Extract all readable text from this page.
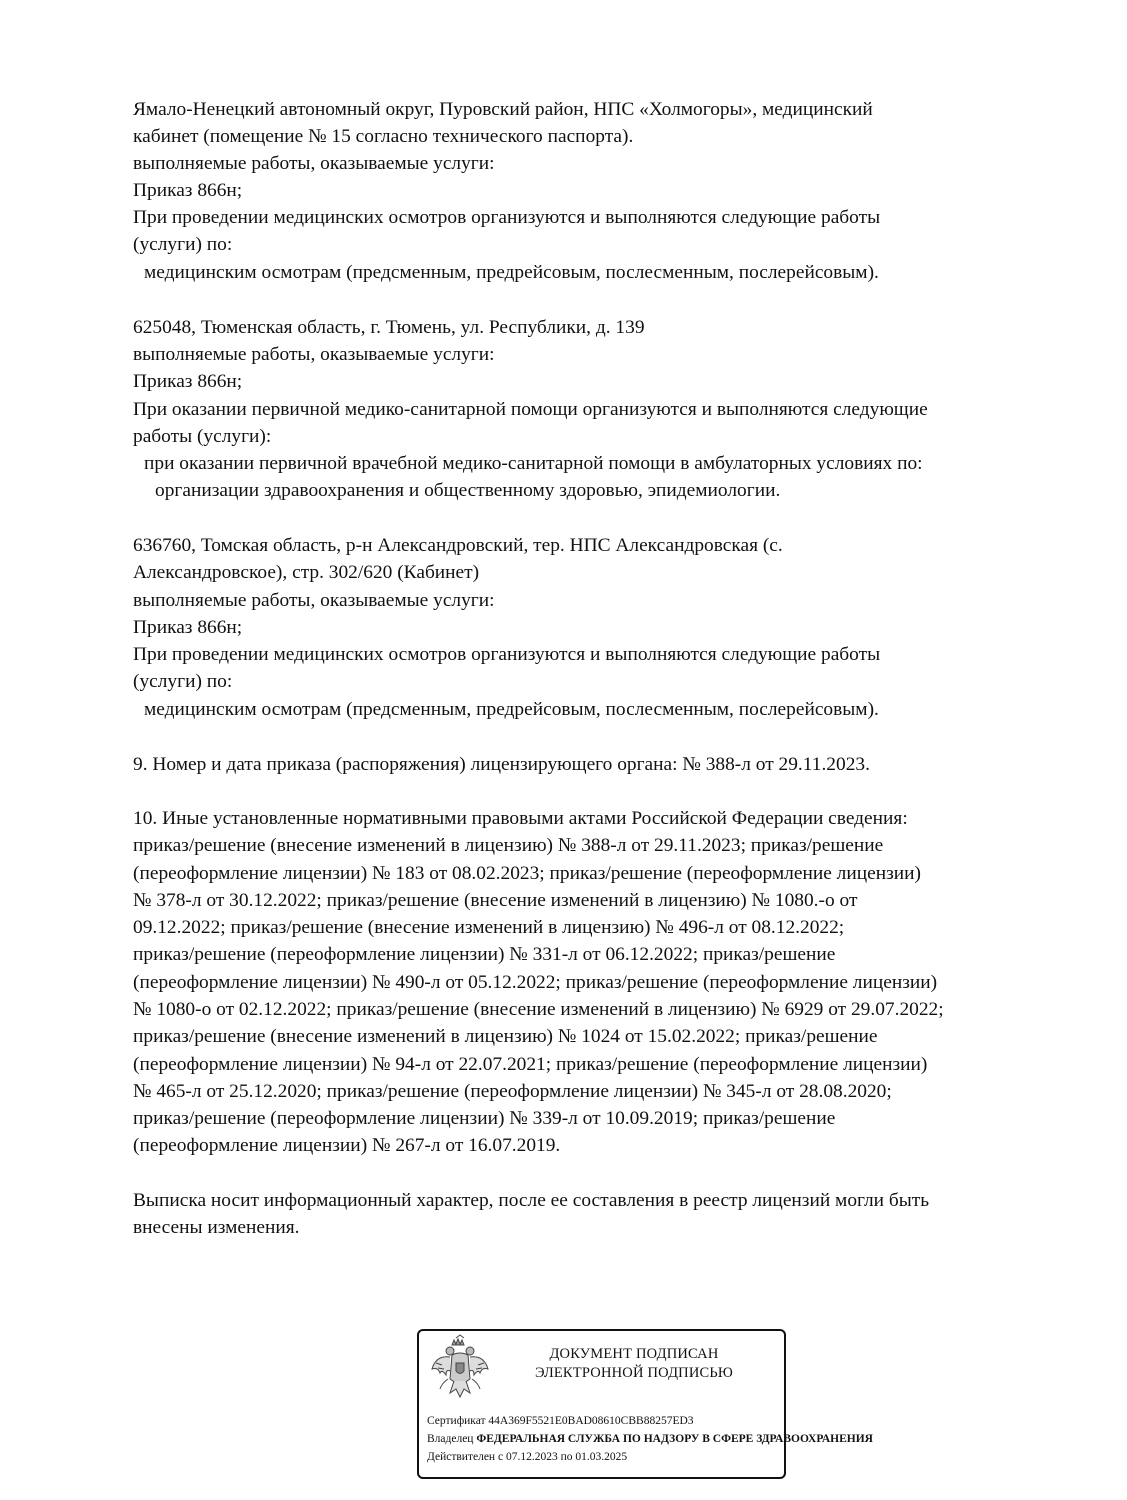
Ямало-Ненецкий автономный округ, Пуровский район, НПС «Холмогоры», медицинский

кабинет (помещение № 15 согласно технического паспорта).

выполняемые работы, оказываемые услуги:

Приказ 866н;

При проведении медицинских осмотров организуются и выполняются следующие работы

(услуги) по:

медицинским осмотрам (предсменным, предрейсовым, послесменным, послерейсовым).

625048, Тюменская область, г. Тюмень, ул. Республики, д. 139

выполняемые работы, оказываемые услуги:

Приказ 866н;

При оказании первичной медико-санитарной помощи организуются и выполняются следующие

работы (услуги):

при оказании первичной врачебной медико-санитарной помощи в амбулаторных условиях по:

организации здравоохранения и общественному здоровью, эпидемиологии.

636760, Томская область, р-н Александровский, тер. НПС Александровская (с.

Александровское), стр. 302/620 (Кабинет)

выполняемые работы, оказываемые услуги:

Приказ 866н;

При проведении медицинских осмотров организуются и выполняются следующие работы

(услуги) по:

медицинским осмотрам (предсменным, предрейсовым, послесменным, послерейсовым).

9. Номер и дата приказа (распоряжения) лицензирующего органа: № 388-л от 29.11.2023.

10. Иные установленные нормативными правовыми актами Российской Федерации сведения:

приказ/решение (внесение изменений в лицензию) № 388-л от 29.11.2023; приказ/решение

(переоформление лицензии) № 183 от 08.02.2023; приказ/решение (переоформление лицензии)

№ 378-л от 30.12.2022; приказ/решение (внесение изменений в лицензию) № 1080.-о от

09.12.2022; приказ/решение (внесение изменений в лицензию) № 496-л от 08.12.2022;

приказ/решение (переоформление лицензии) № 331-л от 06.12.2022; приказ/решение

(переоформление лицензии) № 490-л от 05.12.2022; приказ/решение (переоформление лицензии)

№ 1080-о от 02.12.2022; приказ/решение (внесение изменений в лицензию) № 6929 от 29.07.2022;

приказ/решение (внесение изменений в лицензию) № 1024 от 15.02.2022; приказ/решение

(переоформление лицензии) № 94-л от 22.07.2021; приказ/решение (переоформление лицензии)

№ 465-л от 25.12.2020; приказ/решение (переоформление лицензии) № 345-л от 28.08.2020;

приказ/решение (переоформление лицензии) № 339-л от 10.09.2019; приказ/решение

(переоформление лицензии) № 267-л от 16.07.2019.

Выписка носит информационный характер, после ее составления в реестр лицензий могли быть

внесены изменения.

ДОКУМЕНТ ПОДПИСАН
ЭЛЕКТРОННОЙ ПОДПИСЬЮ
Сертификат 44A369F5521E0BAD08610CBB88257ED3
Владелец ФЕДЕРАЛЬНАЯ СЛУЖБА ПО НАДЗОРУ В СФЕРЕ ЗДРАВООХРАНЕНИЯ
Действителен с 07.12.2023 по 01.03.2025
